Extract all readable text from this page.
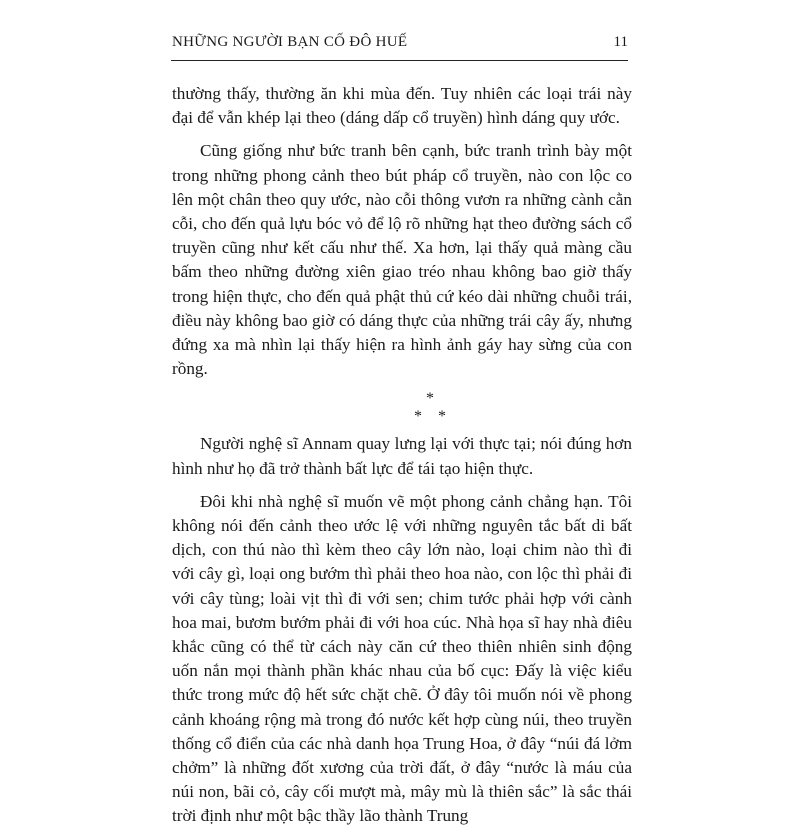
NHỮNG NGƯỜI BẠN CỐ ĐÔ HUẾ	11

thường thấy, thường ăn khi mùa đến. Tuy nhiên các loại trái này đại để vẫn khép lại theo (dáng dấp cổ truyền) hình dáng quy ước.

Cũng giống như bức tranh bên cạnh, bức tranh trình bày một trong những phong cảnh theo bút pháp cổ truyền, nào con lộc co lên một chân theo quy ước, nào cỗi thông vươn ra những cành cằn cỗi, cho đến quả lựu bóc vỏ để lộ rõ những hạt theo đường sách cổ truyền cũng như kết cấu như thế. Xa hơn, lại thấy quả màng cầu bấm theo những đường xiên giao tréo nhau không bao giờ thấy trong hiện thực, cho đến quả phật thủ cứ kéo dài những chuỗi trái, điều này không bao giờ có dáng thực của những trái cây ấy, nhưng đứng xa mà nhìn lại thấy hiện ra hình ảnh gáy hay sừng của con rồng.

*
* *

Người nghệ sĩ Annam quay lưng lại với thực tại; nói đúng hơn hình như họ đã trở thành bất lực để tái tạo hiện thực.

Đôi khi nhà nghệ sĩ muốn vẽ một phong cảnh chẳng hạn. Tôi không nói đến cảnh theo ước lệ với những nguyên tắc bất di bất dịch, con thú nào thì kèm theo cây lớn nào, loại chim nào thì đi với cây gì, loại ong bướm thì phải theo hoa nào, con lộc thì phải đi với cây tùng; loài vịt thì đi với sen; chim tước phải hợp với cành hoa mai, bươm bướm phải đi với hoa cúc. Nhà họa sĩ hay nhà điêu khắc cũng có thể từ cách này căn cứ theo thiên nhiên sinh động uốn nắn mọi thành phần khác nhau của bố cục: Đấy là việc kiểu thức trong mức độ hết sức chặt chẽ. Ở đây tôi muốn nói về phong cảnh khoáng rộng mà trong đó nước kết hợp cùng núi, theo truyền thống cổ điển của các nhà danh họa Trung Hoa, ở đây “núi đá lởm chởm” là những đốt xương của trời đất, ở đây “nước là máu của núi non, bãi cỏ, cây cối mượt mà, mây mù là thiên sắc” là sắc thái trời định như một bậc thầy lão thành Trung
